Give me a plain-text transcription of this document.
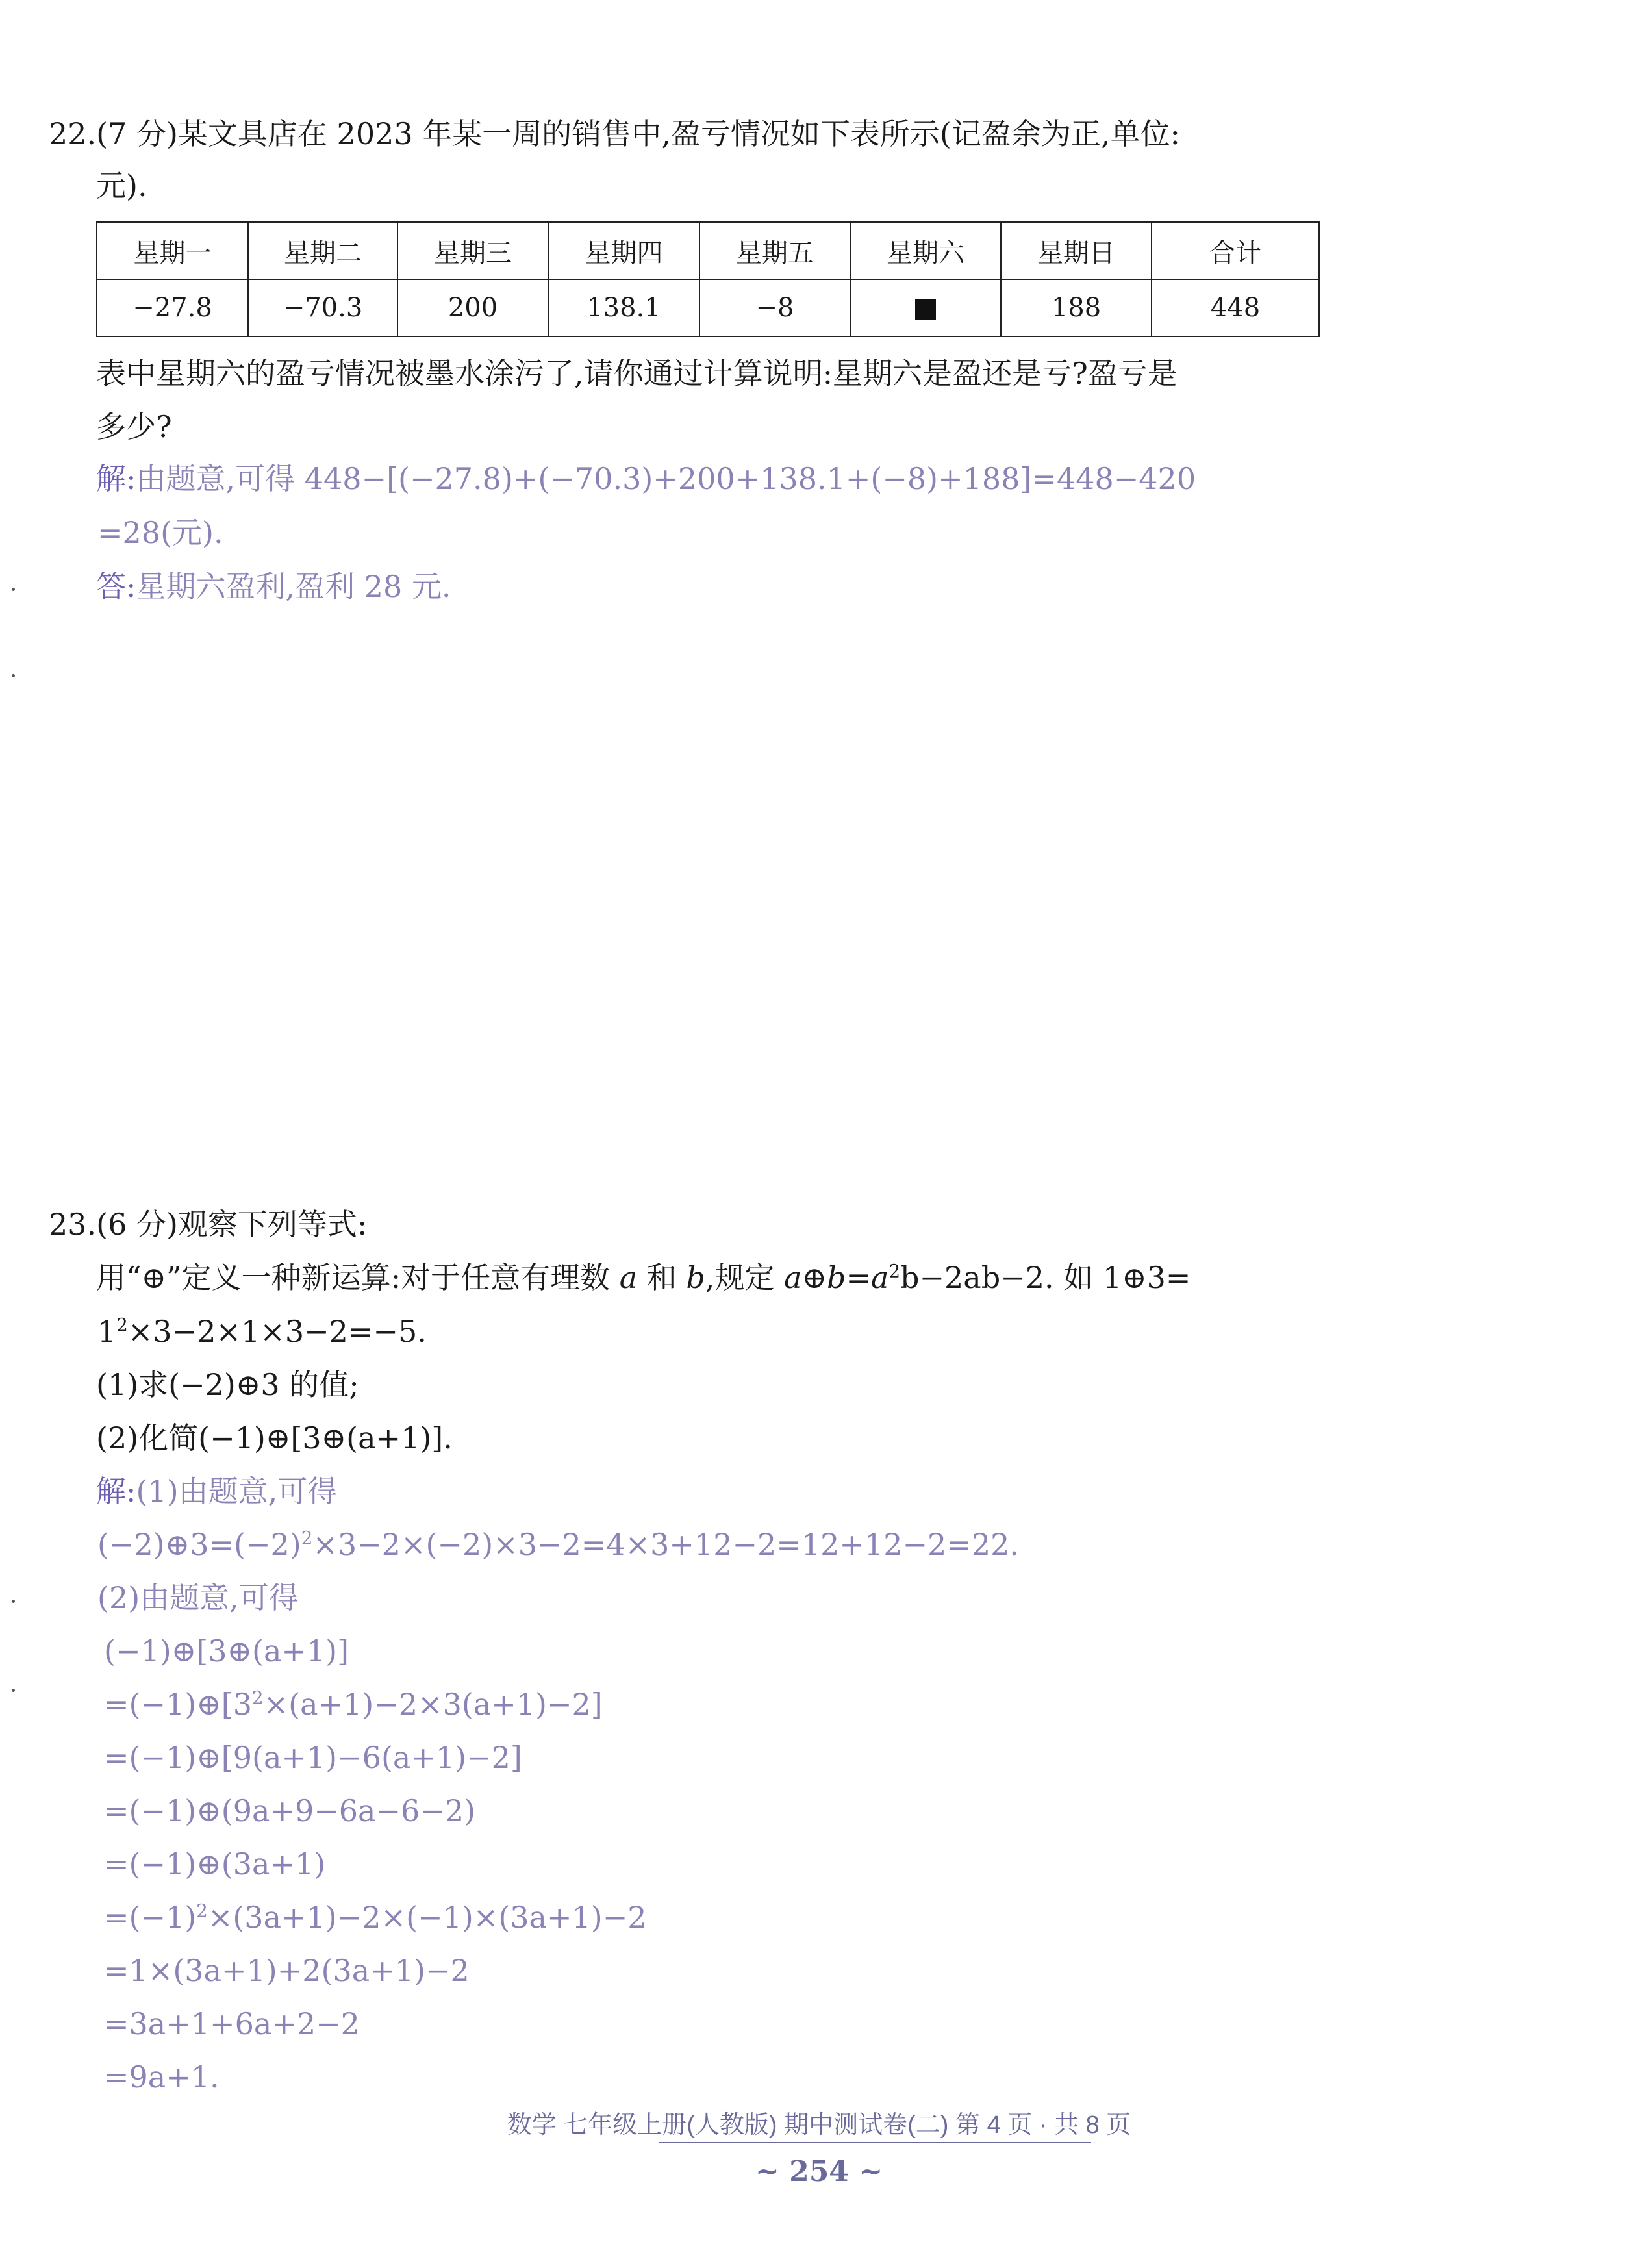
22.(7 分)某文具店在 2023 年某一周的销售中,盈亏情况如下表所示(记盈余为正,单位:
元).
星期一	星期二	星期三	星期四	星期五	星期六	星期日	合计
−27.8	−70.3	200	138.1	−8		188	448
表中星期六的盈亏情况被墨水涂污了,请你通过计算说明:星期六是盈还是亏?盈亏是
多少?
解:由题意,可得 448−[(−27.8)+(−70.3)+200+138.1+(−8)+188]=448−420
=28(元).
答:星期六盈利,盈利 28 元.
23.(6 分)观察下列等式:
用“⊕”定义一种新运算:对于任意有理数 a 和 b,规定 $a\oplus b=a^2b-2ab-2$. 如 1⊕3=
$1^2\times 3-2\times 1\times 3-2=-5$.
(1)求(−2)⊕3 的值;
(2)化简(−1)⊕[3⊕(a+1)].
解:(1)由题意,可得
$(-2)\oplus 3=(-2)^2\times 3-2\times(-2)\times 3-2=4\times 3+12-2=12+12-2=22$.
(2)由题意,可得
(−1)⊕[3⊕(a+1)]
$=(-1)\oplus[3^2\times(a+1)-2\times 3(a+1)-2]$
=(−1)⊕[9(a+1)−6(a+1)−2]
=(−1)⊕(9a+9−6a−6−2)
=(−1)⊕(3a+1)
$=(-1)^2\times(3a+1)-2\times(-1)\times(3a+1)-2$
=1×(3a+1)+2(3a+1)−2
=3a+1+6a+2−2
=9a+1.
数学 七年级上册(人教版) 期中测试卷(二) 第 4 页 · 共 8 页
~ 254 ~
